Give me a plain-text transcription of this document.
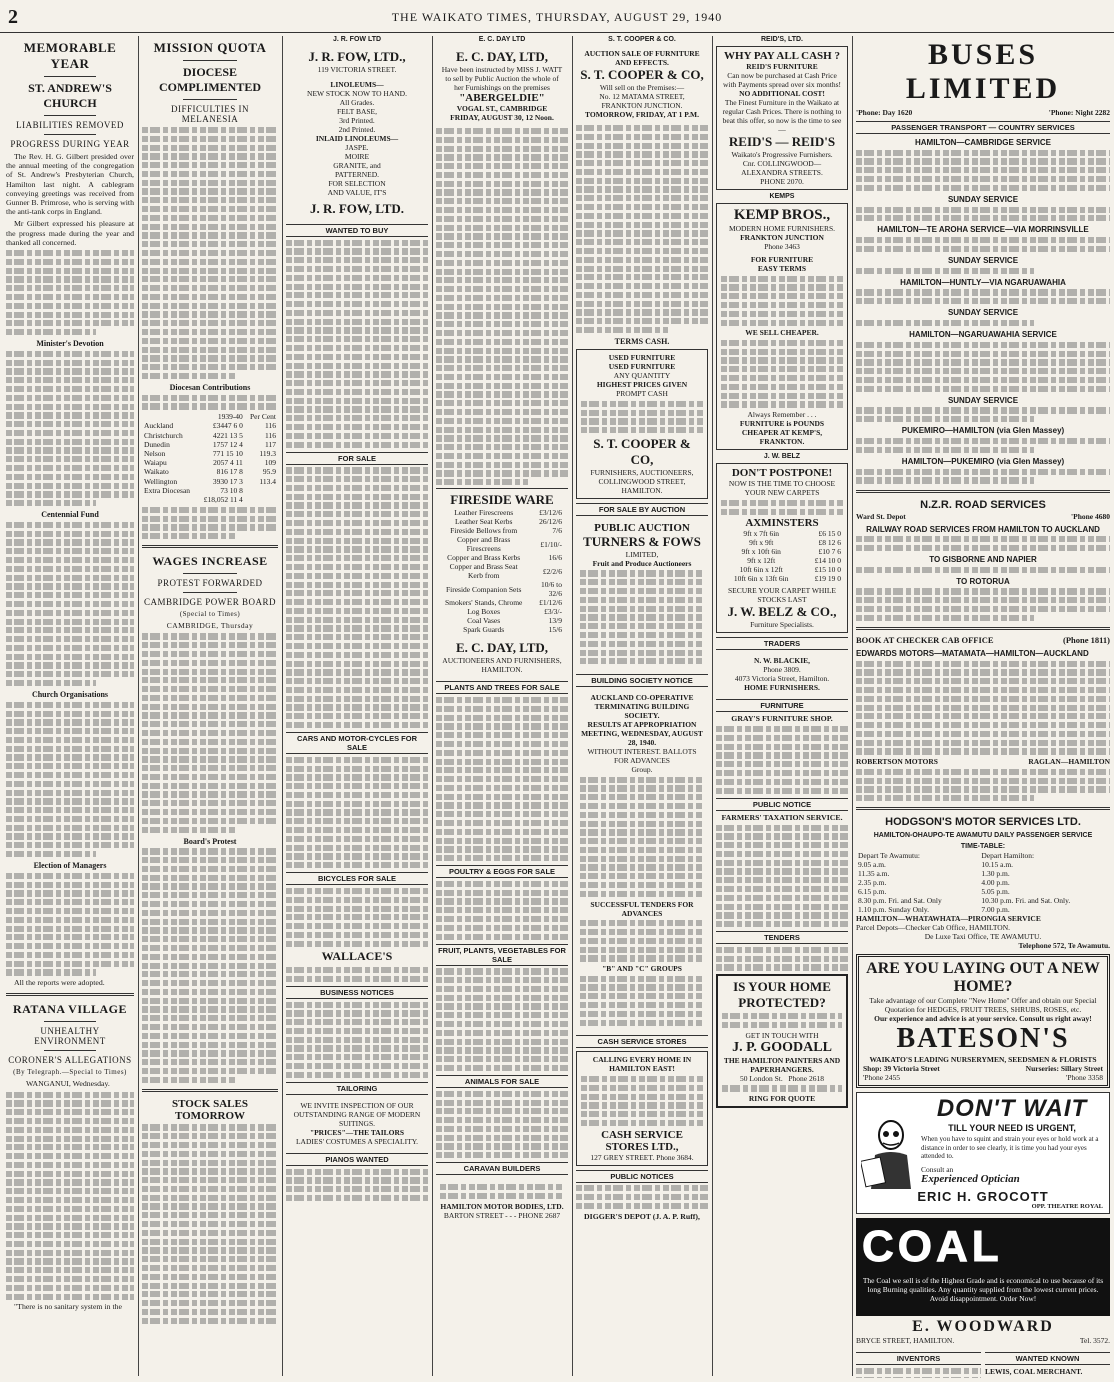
2	THE WAIKATO TIMES, THURSDAY, AUGUST 29, 1940
MEMORABLE YEAR
ST. ANDREW'S CHURCH
LIABILITIES REMOVED
PROGRESS DURING YEAR

The Rev. H. G. Gilbert presided over the annual meeting of the congregation of St. Andrew's Presbyterian Church, Hamilton last night. A cablegram conveying greetings was received from Gunner B. Primrose, who is serving with the anti-tank corps in England.

Mr Gilbert expressed his pleasure at the progress made during the year and thanked all concerned.

Minister's Devotion
Centennial Fund
Church Organisations
Election of Managers

All the reports were adopted.

RATANA VILLAGE
UNHEALTHY ENVIRONMENT
CORONER'S ALLEGATIONS
(By Telegraph.—Special to Times)

WANGANUI, Wednesday.

"There is no sanitary system in the

MISSION QUOTA
DIOCESE COMPLIMENTED
DIFFICULTIES IN MELANESIA
Diocesan Contributions
	1939-40	Per Cent
Auckland	£3447 6 0	116
Christchurch	4221 13 5	116
Dunedin	1757 12 4	117
Nelson	771 15 10	119.3
Waiapu	2057 4 11	109
Waikato	816 17 8	95.9
Wellington	3930 17 3	113.4
Extra Diocesan	73 10 8	
	£18,052 11 4	
WAGES INCREASE
PROTEST FORWARDED
CAMBRIDGE POWER BOARD
(Special to Times)
CAMBRIDGE, Thursday
Board's Protest
STOCK SALES TOMORROW
J. R. FOW LTD
J. R. FOW, LTD.,
119 VICTORIA STREET.
LINOLEUMS—
NEW STOCK NOW TO HAND.
All Grades.
FELT BASE,
3rd Printed.
2nd Printed.
INLAID LINOLEUMS—
JASPE.
MOIRE
GRANITE, and
PATTERNED.
FOR SELECTION
AND VALUE, IT'S
J. R. FOW, LTD.
WANTED TO BUY
FOR SALE
CARS AND MOTOR-CYCLES FOR SALE
BICYCLES FOR SALE
WALLACE'S
BUSINESS NOTICES
TAILORING
WE INVITE INSPECTION OF OUR OUTSTANDING RANGE OF MODERN SUITINGS.
"PRICES"—THE TAILORS
LADIES' COSTUMES A SPECIALITY.
PIANOS WANTED
E. C. DAY LTD
E. C. DAY, LTD,
Have been instructed by MISS J. WATT to sell by Public Auction the whole of her Furnishings on the premises
"ABERGELDIE"
VOGAL ST., CAMBRIDGE
FRIDAY, AUGUST 30, 12 Noon.
FIRESIDE WARE
Leather Firescreens	£3/12/6
Leather Seat Kerbs	26/12/6
Fireside Bellows from	7/6
Copper and Brass Firescreens	£1/10/-
Copper and Brass Kerbs	16/6
Copper and Brass Seat Kerb from	£2/2/6
Fireside Companion Sets	10/6 to 32/6
Smokers' Stands, Chrome	£1/12/6
Log Boxes	£3/3/-
Coal Vases	13/9
Spark Guards	15/6
E. C. DAY, LTD,
AUCTIONEERS AND FURNISHERS, HAMILTON.
PLANTS AND TREES FOR SALE
POULTRY & EGGS FOR SALE
FRUIT, PLANTS, VEGETABLES FOR SALE
ANIMALS FOR SALE
CARAVAN BUILDERS
HAMILTON MOTOR BODIES, LTD.
BARTON STREET - - - PHONE 2687
S. T. COOPER & CO.
AUCTION SALE OF FURNITURE AND EFFECTS.
S. T. COOPER & CO,
Will sell on the Premises:—
No. 12 MATAMA STREET, FRANKTON JUNCTION.
TOMORROW, FRIDAY, AT 1 P.M.
TERMS CASH.
USED FURNITURE
USED FURNITURE
ANY QUANTITY
HIGHEST PRICES GIVEN
PROMPT CASH
S. T. COOPER & CO,
FURNISHERS, AUCTIONEERS, COLLINGWOOD STREET, HAMILTON.
FOR SALE BY AUCTION
PUBLIC AUCTION
TURNERS & FOWS
LIMITED,
Fruit and Produce Auctioneers
BUILDING SOCIETY NOTICE
AUCKLAND CO-OPERATIVE TERMINATING BUILDING SOCIETY.
RESULTS AT APPROPRIATION MEETING, WEDNESDAY, AUGUST 28, 1940.
WITHOUT INTEREST. BALLOTS FOR ADVANCES
Group.
SUCCESSFUL TENDERS FOR ADVANCES
"B" AND "C" GROUPS
CASH SERVICE STORES
CALLING EVERY HOME IN HAMILTON EAST!
CASH SERVICE STORES LTD.,
127 GREY STREET. Phone 3684.
PUBLIC NOTICES
DIGGER'S DEPOT (J. A. P. Ruff),
REID'S, LTD.
WHY PAY ALL CASH ?
REID'S FURNITURE
Can now be purchased at Cash Price with Payments spread over six months!
NO ADDITIONAL COST!
The Finest Furniture in the Waikato at regular Cash Prices. There is nothing to beat this offer, so now is the time to see—
REID'S — REID'S
Waikato's Progressive Furnishers.
Cnr. COLLINGWOOD—ALEXANDRA STREETS.
PHONE 2070.
KEMPS
KEMP BROS.,
MODERN HOME FURNISHERS.
FRANKTON JUNCTION
Phone 3463
FOR FURNITURE
EASY TERMS
WE SELL CHEAPER.
Always Remember . . .
FURNITURE is POUNDS CHEAPER AT KEMP'S, FRANKTON.
J. W. BELZ
DON'T POSTPONE!
NOW IS THE TIME TO CHOOSE YOUR NEW CARPETS
AXMINSTERS
9ft x 7ft 6in	£6 15 0
9ft x 9ft	£8 12 6
9ft x 10ft 6in	£10 7 6
9ft x 12ft	£14 10 0
10ft 6in x 12ft	£15 10 0
10ft 6in x 13ft 6in	£19 19 0
SECURE YOUR CARPET WHILE STOCKS LAST
J. W. BELZ & CO.,
Furniture Specialists.
TRADERS
N. W. BLACKIE,
Phone 3809.
4073 Victoria Street, Hamilton.
HOME FURNISHERS.
FURNITURE
GRAY'S FURNITURE SHOP.
PUBLIC NOTICE
FARMERS' TAXATION SERVICE.
TENDERS
IS YOUR HOME PROTECTED?
GET IN TOUCH WITH
J. P. GOODALL
THE HAMILTON PAINTERS AND PAPERHANGERS.
50 London St. Phone 2618
RING FOR QUOTE
BUSES LIMITED
'Phone: Day 1620	'Phone: Night 2282
PASSENGER TRANSPORT — COUNTRY SERVICES
HAMILTON—CAMBRIDGE SERVICE
SUNDAY SERVICE
HAMILTON—TE AROHA SERVICE—VIA MORRINSVILLE
SUNDAY SERVICE
HAMILTON—HUNTLY—VIA NGARUAWAHIA
SUNDAY SERVICE
HAMILTON—NGARUAWAHIA SERVICE
SUNDAY SERVICE
PUKEMIRO—HAMILTON (via Glen Massey)
HAMILTON—PUKEMIRO (via Glen Massey)
N.Z.R. ROAD SERVICES
Ward St. Depot	'Phone 4680
RAILWAY ROAD SERVICES FROM HAMILTON TO AUCKLAND
TO GISBORNE AND NAPIER
TO ROTORUA
BOOK AT CHECKER CAB OFFICE	(Phone 1811)
EDWARDS MOTORS—MATAMATA—HAMILTON—AUCKLAND
ROBERTSON MOTORS	RAGLAN—HAMILTON
HODGSON'S MOTOR SERVICES LTD.
HAMILTON-OHAUPO-TE AWAMUTU DAILY PASSENGER SERVICE
TIME-TABLE:
Depart Te Awamutu:	Depart Hamilton:
9.05 a.m.	10.15 a.m.
11.35 a.m.	1.30 p.m.
2.35 p.m.	4.00 p.m.
6.15 p.m.	5.05 p.m.
8.30 p.m. Fri. and Sat. Only	10.30 p.m. Fri. and Sat. Only.
1.10 p.m. Sunday Only.	7.00 p.m.
HAMILTON—WHATAWHATA—PIRONGIA SERVICE
Parcel Depots—Checker Cab Office, HAMILTON.
De Luxe Taxi Office, TE AWAMUTU.
Telephone 572, Te Awamutu.
ARE YOU LAYING OUT A NEW HOME?
Take advantage of our Complete "New Home" Offer and obtain our Special Quotation for HEDGES, FRUIT TREES, SHRUBS, ROSES, etc.
Our experience and advice is at your service. Consult us right away!
BATESON'S
WAIKATO'S LEADING NURSERYMEN, SEEDSMEN & FLORISTS
Shop: 39 Victoria Street	Nurseries: Sillary Street
'Phone 2455	'Phone 3358
DON'T WAIT
TILL YOUR NEED IS URGENT,
When you have to squint and strain your eyes or hold work at a distance in order to see clearly, it is time you had your eyes attended to.
Consult an
Experienced Optician
ERIC H. GROCOTT
OPP. THEATRE ROYAL
COAL
The Coal we sell is of the Highest Grade and is economical to use because of its long Burning qualities. Any quantity supplied from the lowest current prices. Avoid disappointment. Order Now!
E. WOODWARD
BRYCE STREET, HAMILTON.	Tel. 3572.
INVENTORS	WANTED KNOWN
LEWIS, COAL MERCHANT.
